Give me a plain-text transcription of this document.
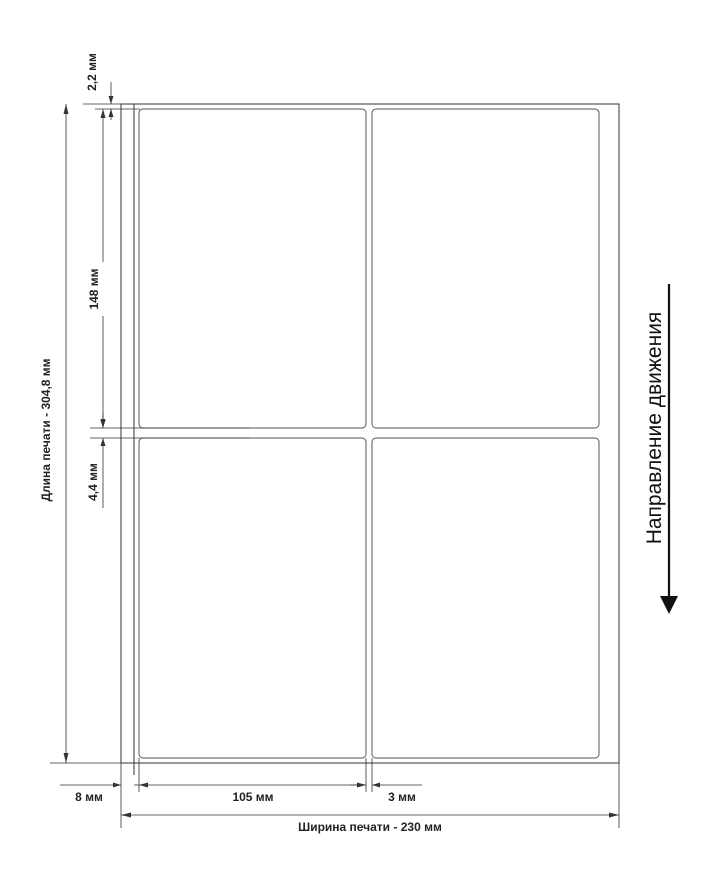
2,2 мм
148 мм
4,4 мм
Длина печати - 304,8 мм
8 мм	105 мм	3 мм
Ширина печати - 230 мм
Направление движения
